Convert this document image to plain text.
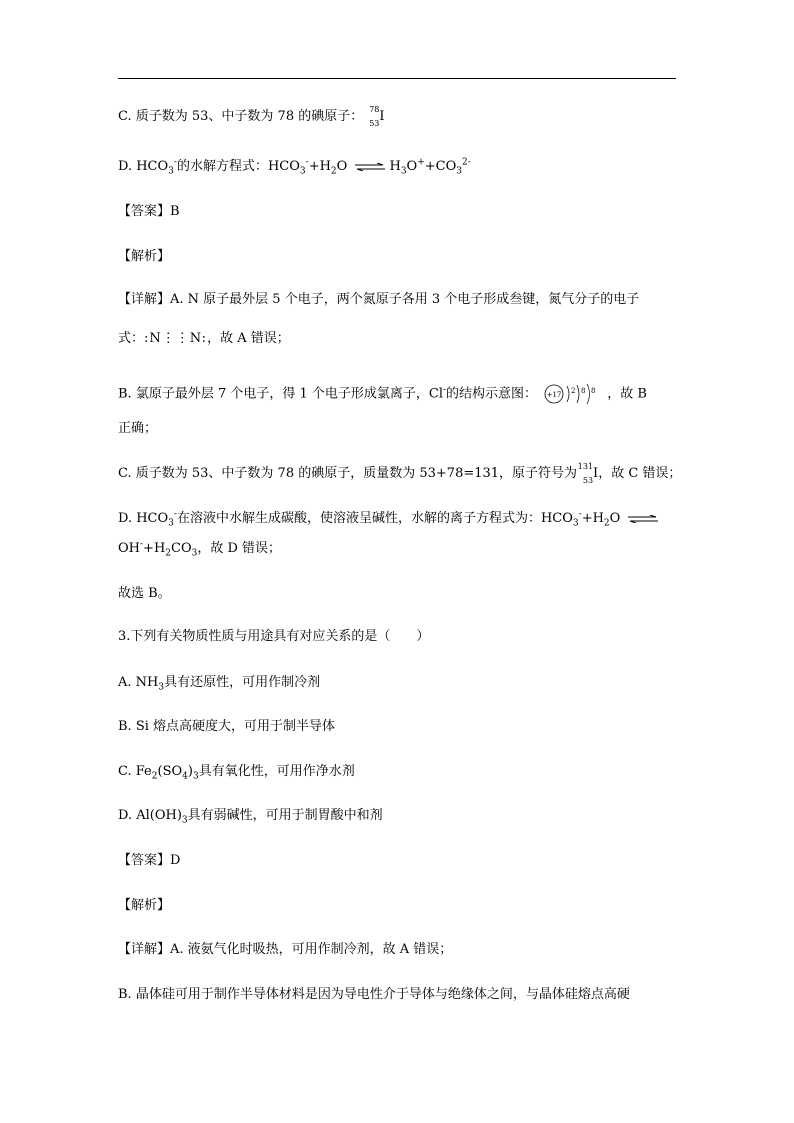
C. 质子数为 53、中子数为 78 的碘原子： 78
53 I
D. $HCO_3^-$的水解方程式：$HCO_3^-+H_2O$ ⇌ $H_3O^++CO_3^{2-}$
【答案】B
【解析】
【详解】A. N 原子最外层 5 个电子，两个氮原子各用 3 个电子形成叁键，氮气分子的电子
式：:N⋮⋮N:，故 A 错误；
B. 氯原子最外层 7 个电子，得 1 个电子形成氯离子，Cl-的结构示意图： +17 2 8 8 ，故 B
正确；
C. 质子数为 53、中子数为 78 的碘原子，质量数为 53+78=131，原子符号为 131
53 I，故 C 错误；
D. $HCO_3^-$在溶液中水解生成碳酸，使溶液呈碱性，水解的离子方程式为：$HCO_3^-+H_2O$ ⇌
$OH^-+H_2CO_3$，故 D 错误；
故选 B。
3.下列有关物质性质与用途具有对应关系的是（　　）
A. $NH_3$具有还原性，可用作制冷剂
B. Si 熔点高硬度大，可用于制半导体
C. $Fe_2(SO_4)_3$具有氧化性，可用作净水剂
D. $Al(OH)_3$具有弱碱性，可用于制胃酸中和剂
【答案】D
【解析】
【详解】A. 液氨气化时吸热，可用作制冷剂，故 A 错误；
B. 晶体硅可用于制作半导体材料是因为导电性介于导体与绝缘体之间，与晶体硅熔点高硬
